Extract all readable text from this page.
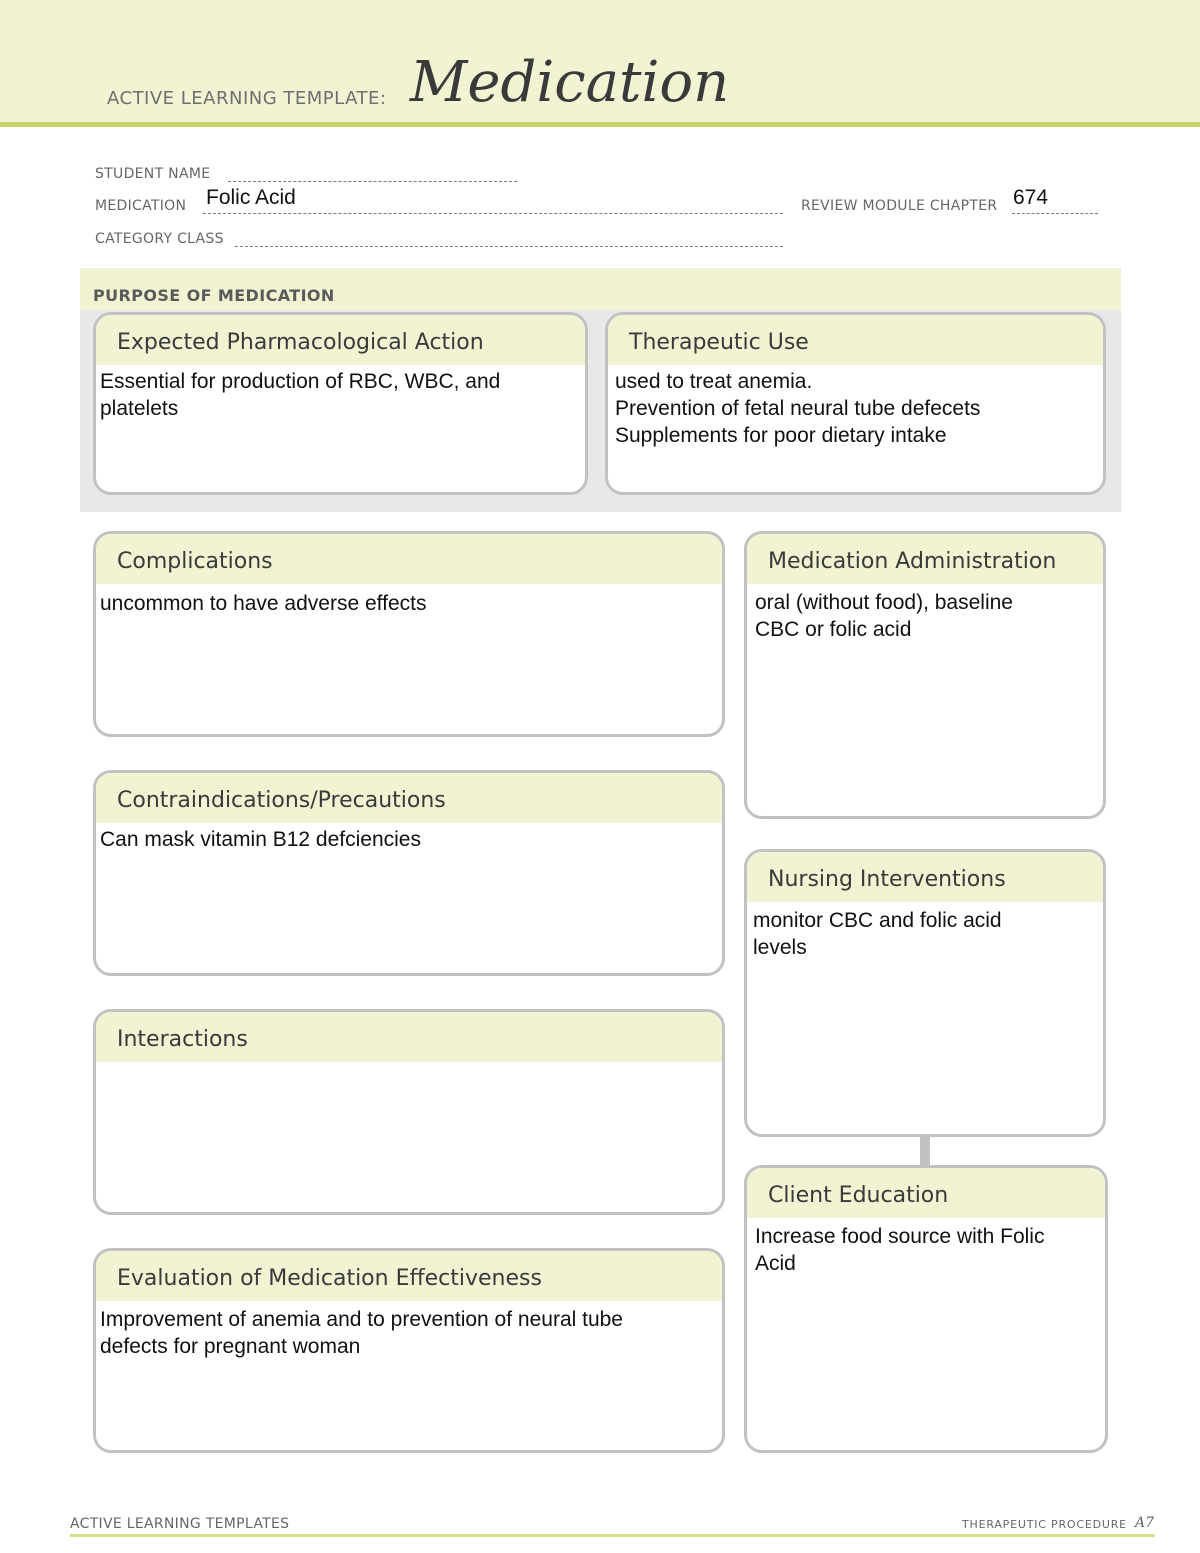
ACTIVE LEARNING TEMPLATE: Medication
STUDENT NAME
MEDICATION Folic Acid	REVIEW MODULE CHAPTER 674
CATEGORY CLASS
PURPOSE OF MEDICATION
Expected Pharmacological Action
Essential for production of RBC, WBC, and
platelets
Therapeutic Use
used to treat anemia.
Prevention of fetal neural tube defecets
Supplements for poor dietary intake
Complications
uncommon to have adverse effects
Contraindications/Precautions
Can mask vitamin B12 defciencies
Interactions
Evaluation of Medication Effectiveness
Improvement of anemia and to prevention of neural tube
defects for pregnant woman
Medication Administration
oral (without food), baseline
CBC or folic acid
Nursing Interventions
monitor CBC and folic acid
levels
Client Education
Increase food source with Folic
Acid
ACTIVE LEARNING TEMPLATES	THERAPEUTIC PROCEDURE A7
